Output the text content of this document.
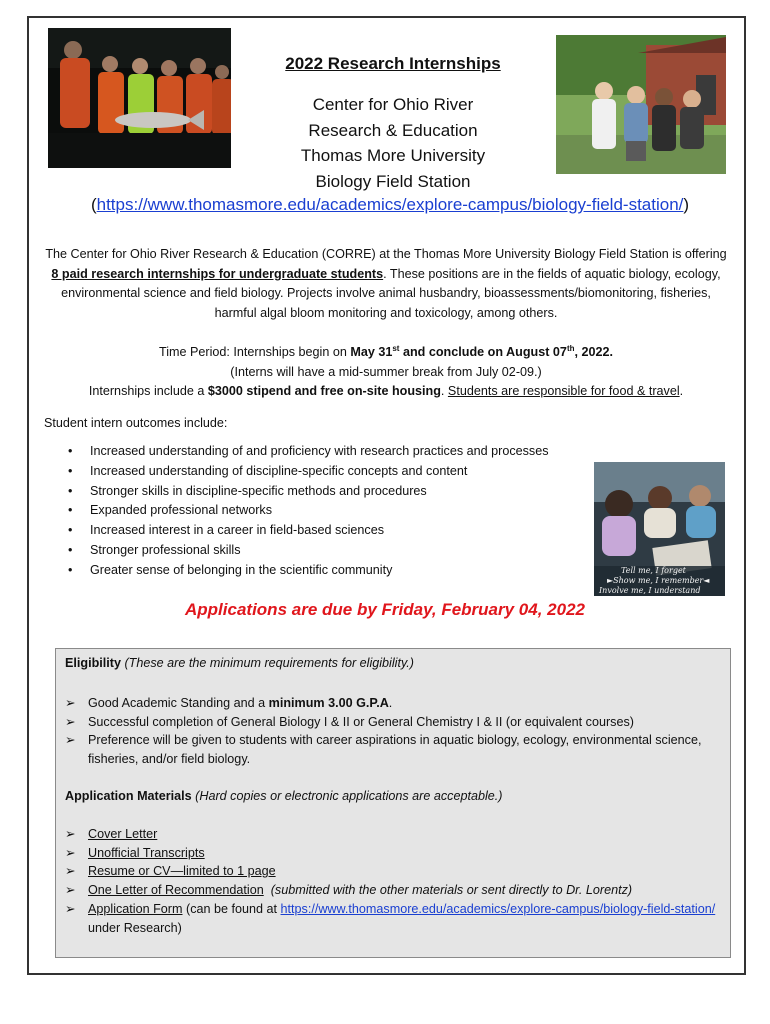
2022 Research Internships
Center for Ohio River
Research & Education
Thomas More University
Biology Field Station
(https://www.thomasmore.edu/academics/explore-campus/biology-field-station/)
The Center for Ohio River Research & Education (CORRE) at the Thomas More University Biology Field Station is offering 8 paid research internships for undergraduate students. These positions are in the fields of aquatic biology, ecology, environmental science and field biology. Projects involve animal husbandry, bioassessments/biomonitoring, fisheries, harmful algal bloom monitoring and toxicology, among others.
Time Period: Internships begin on May 31st and conclude on August 07th, 2022.
(Interns will have a mid-summer break from July 02-09.)
Internships include a $3000 stipend and free on-site housing. Students are responsible for food & travel.
Student intern outcomes include:
• Increased understanding of and proficiency with research practices and processes
• Increased understanding of discipline-specific concepts and content
• Stronger skills in discipline-specific methods and procedures
• Expanded professional networks
• Increased interest in a career in field-based sciences
• Stronger professional skills
• Greater sense of belonging in the scientific community	Tell me, I forget
►Show me, I remember◄
Involve me, I understand
Applications are due by Friday, February 04, 2022
Eligibility (These are the minimum requirements for eligibility.)
➢ Good Academic Standing and a minimum 3.00 G.P.A.
➢ Successful completion of General Biology I & II or General Chemistry I & II (or equivalent courses)
➢ Preference will be given to students with career aspirations in aquatic biology, ecology, environmental science, fisheries, and/or field biology.
Application Materials (Hard copies or electronic applications are acceptable.)
➢ Cover Letter
➢ Unofficial Transcripts
➢ Resume or CV—limited to 1 page
➢ One Letter of Recommendation  (submitted with the other materials or sent directly to Dr. Lorentz)
➢ Application Form (can be found at https://www.thomasmore.edu/academics/explore-campus/biology-field-station/ under Research)
